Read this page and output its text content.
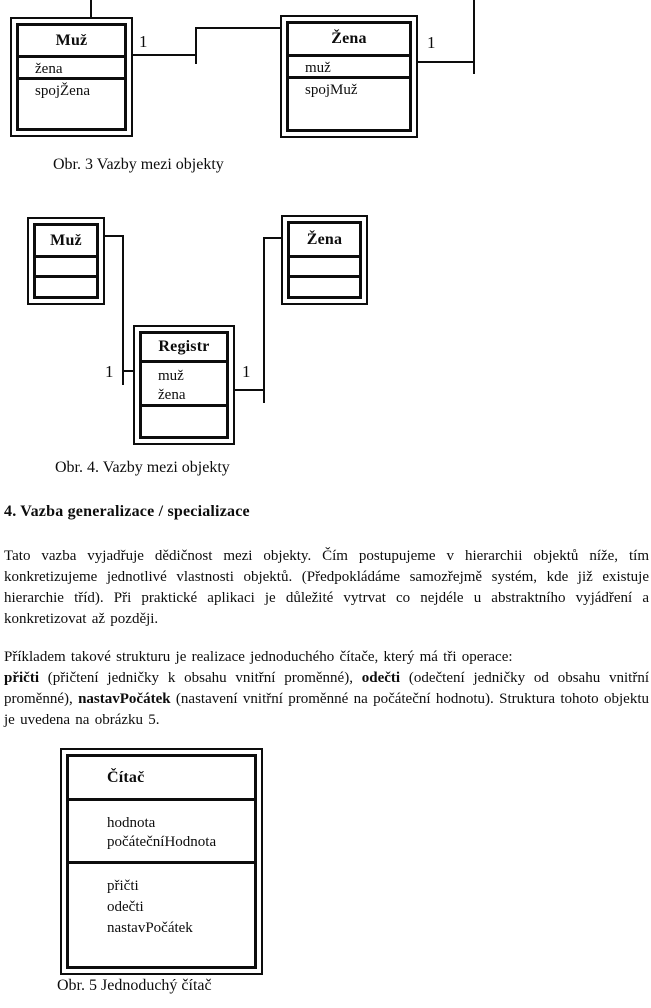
Muž
žena
spojŽena
1	Žena
muž
spojMuž
1
Obr. 3 Vazby mezi objekty
Muž	Žena
Registr
muž
žena
1	1
Obr. 4. Vazby mezi objekty
4. Vazba generalizace / specializace
Tato vazba vyjadřuje dědičnost mezi objekty. Čím postupujeme v hierarchii objektů níže, tím konkretizujeme jednotlivé vlastnosti objektů. (Předpokládáme samozřejmě systém, kde již existuje hierarchie tříd). Při praktické aplikaci je důležité vytrvat co nejdéle u abstraktního vyjádření a konkretizovat až později.
Příkladem takové strukturu je realizace jednoduchého čítače, který má tři operace:
přičti (přičtení jedničky k obsahu vnitřní proměnné), odečti (odečtení jedničky od obsahu vnitřní proměnné), nastavPočátek (nastavení vnitřní proměnné na počáteční hodnotu). Struktura tohoto objektu je uvedena na obrázku 5.
Čítač
hodnota
počátečníHodnota
přičti
odečti
nastavPočátek
Obr. 5 Jednoduchý čítač
